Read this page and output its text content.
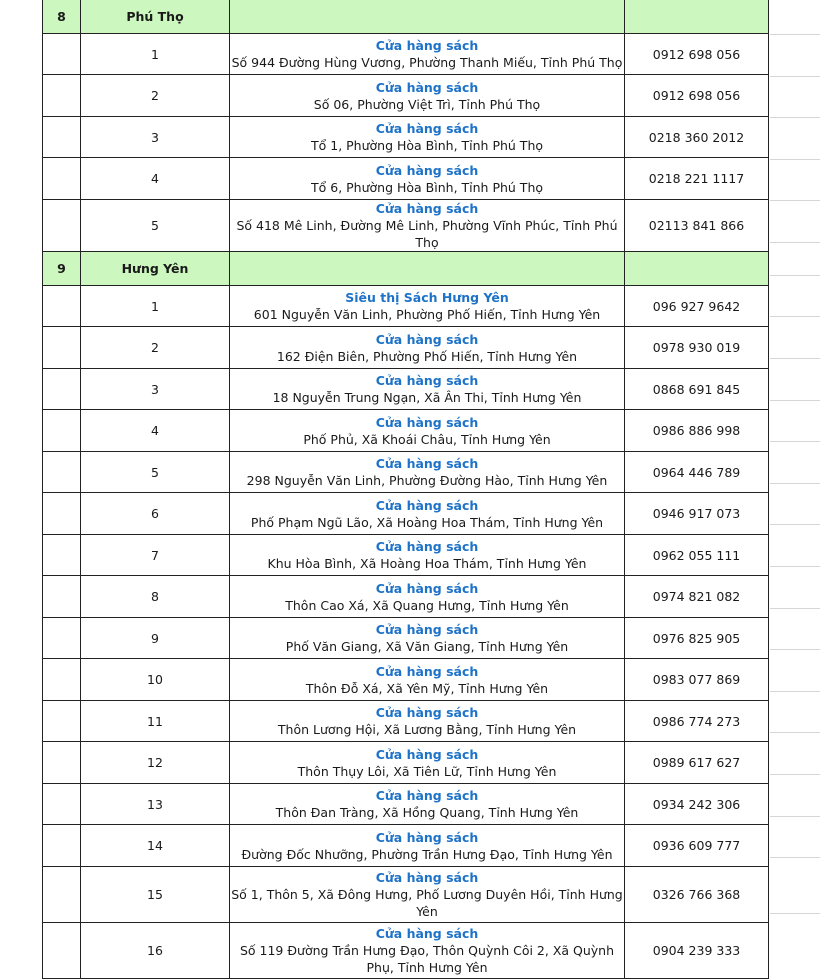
8	Phú Thọ		
	1	Cửa hàng sách
Số 944 Đường Hùng Vương, Phường Thanh Miếu, Tỉnh Phú Thọ	0912 698 056
	2	Cửa hàng sách
Số 06, Phường Việt Trì, Tỉnh Phú Thọ	0912 698 056
	3	Cửa hàng sách
Tổ 1, Phường Hòa Bình, Tỉnh Phú Thọ	0218 360 2012
	4	Cửa hàng sách
Tổ 6, Phường Hòa Bình, Tỉnh Phú Thọ	0218 221 1117
	5	Cửa hàng sách
Số 418 Mê Linh, Đường Mê Linh, Phường Vĩnh Phúc, Tỉnh Phú Thọ	02113 841 866
9	Hưng Yên		
	1	Siêu thị Sách Hưng Yên
601 Nguyễn Văn Linh, Phường Phố Hiến, Tỉnh Hưng Yên	096 927 9642
	2	Cửa hàng sách
162 Điện Biên, Phường Phố Hiến, Tỉnh Hưng Yên	0978 930 019
	3	Cửa hàng sách
18 Nguyễn Trung Ngạn, Xã Ân Thi, Tỉnh Hưng Yên	0868 691 845
	4	Cửa hàng sách
Phố Phủ, Xã Khoái Châu, Tỉnh Hưng Yên	0986 886 998
	5	Cửa hàng sách
298 Nguyễn Văn Linh, Phường Đường Hào, Tỉnh Hưng Yên	0964 446 789
	6	Cửa hàng sách
Phố Phạm Ngũ Lão, Xã Hoàng Hoa Thám, Tỉnh Hưng Yên	0946 917 073
	7	Cửa hàng sách
Khu Hòa Bình, Xã Hoàng Hoa Thám, Tỉnh Hưng Yên	0962 055 111
	8	Cửa hàng sách
Thôn Cao Xá, Xã Quang Hưng, Tỉnh Hưng Yên	0974 821 082
	9	Cửa hàng sách
Phố Văn Giang, Xã Văn Giang, Tỉnh Hưng Yên	0976 825 905
	10	Cửa hàng sách
Thôn Đỗ Xá, Xã Yên Mỹ, Tỉnh Hưng Yên	0983 077 869
	11	Cửa hàng sách
Thôn Lương Hội, Xã Lương Bằng, Tỉnh Hưng Yên	0986 774 273
	12	Cửa hàng sách
Thôn Thụy Lôi, Xã Tiên Lữ, Tỉnh Hưng Yên	0989 617 627
	13	Cửa hàng sách
Thôn Đan Tràng, Xã Hồng Quang, Tỉnh Hưng Yên	0934 242 306
	14	Cửa hàng sách
Đường Đốc Nhưỡng, Phường Trần Hưng Đạo, Tỉnh Hưng Yên	0936 609 777
	15	Cửa hàng sách
Số 1, Thôn 5, Xã Đông Hưng, Phố Lương Duyên Hồi, Tỉnh Hưng Yên	0326 766 368
	16	Cửa hàng sách
Số 119 Đường Trần Hưng Đạo, Thôn Quỳnh Côi 2, Xã Quỳnh Phụ, Tỉnh Hưng Yên	0904 239 333
